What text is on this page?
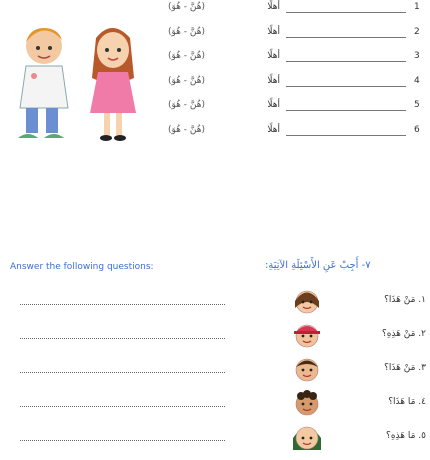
(هُنَّ - هُوَ)	أهلًا	1
(هُنَّ - هُوَ)	أهلًا	2
(هُنَّ - هُوَ)	أهلًا	3
(هُنَّ - هُوَ)	أهلًا	4
(هُنَّ - هُوَ)	أهلًا	5
(هُنَّ - هُوَ)	أهلًا	6
Answer the following questions:	٧- أَجِبْ عَنِ الأَسْئِلَةِ الآتِيَةِ:
١. مَنْ هَذَا؟
٢. مَنْ هَذِهِ؟
٣. مَنْ هَذَا؟
٤. مَا هَذَا؟
٥. مَا هَذِهِ؟
